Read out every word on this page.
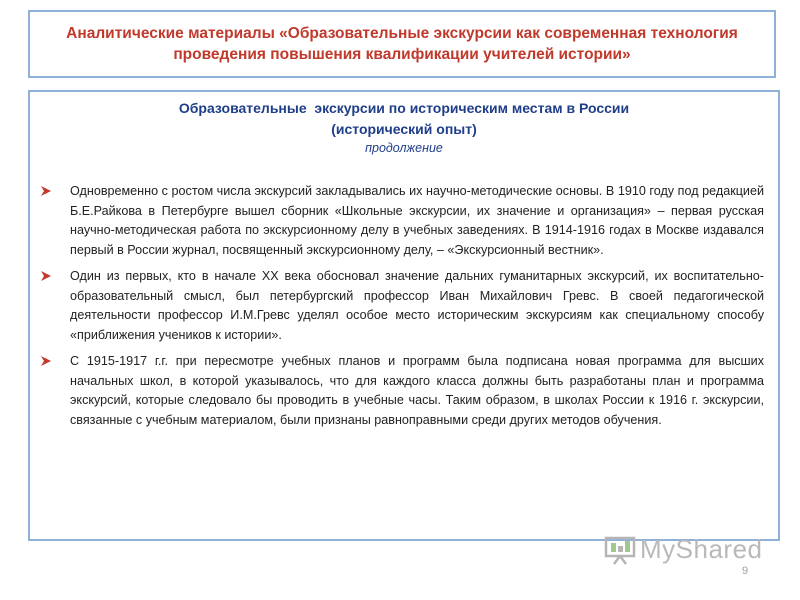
Аналитические материалы «Образовательные экскурсии как современная технология проведения повышения квалификации учителей истории»
Образовательные  экскурсии по историческим местам в России
(исторический опыт)
продолжение
Одновременно с ростом числа экскурсий закладывались их научно-методические основы. В 1910 году под редакцией Б.Е.Райкова в Петербурге вышел сборник «Школьные экскурсии, их значение и организация» – первая русская научно-методическая работа по экскурсионному делу в учебных заведениях. В 1914-1916 годах в Москве издавался первый в России журнал, посвященный экскурсионному делу, – «Экскурсионный вестник».
Один из первых, кто в начале XX века обосновал значение дальних гуманитарных экскурсий, их воспитательно-образовательный смысл, был петербургский профессор Иван Михайлович Гревс. В своей педагогической деятельности профессор И.М.Гревс уделял особое место историческим экскурсиям как специальному способу «приближения учеников к истории».
С 1915-1917 г.г. при пересмотре учебных планов и программ была подписана новая программа для высших начальных школ, в которой указывалось, что для каждого класса должны быть разработаны план и программа экскурсий, которые следовало бы проводить в учебные часы. Таким образом, в школах России к 1916 г. экскурсии, связанные с учебным материалом, были признаны равноправными среди других методов обучения.
MyShared
9
